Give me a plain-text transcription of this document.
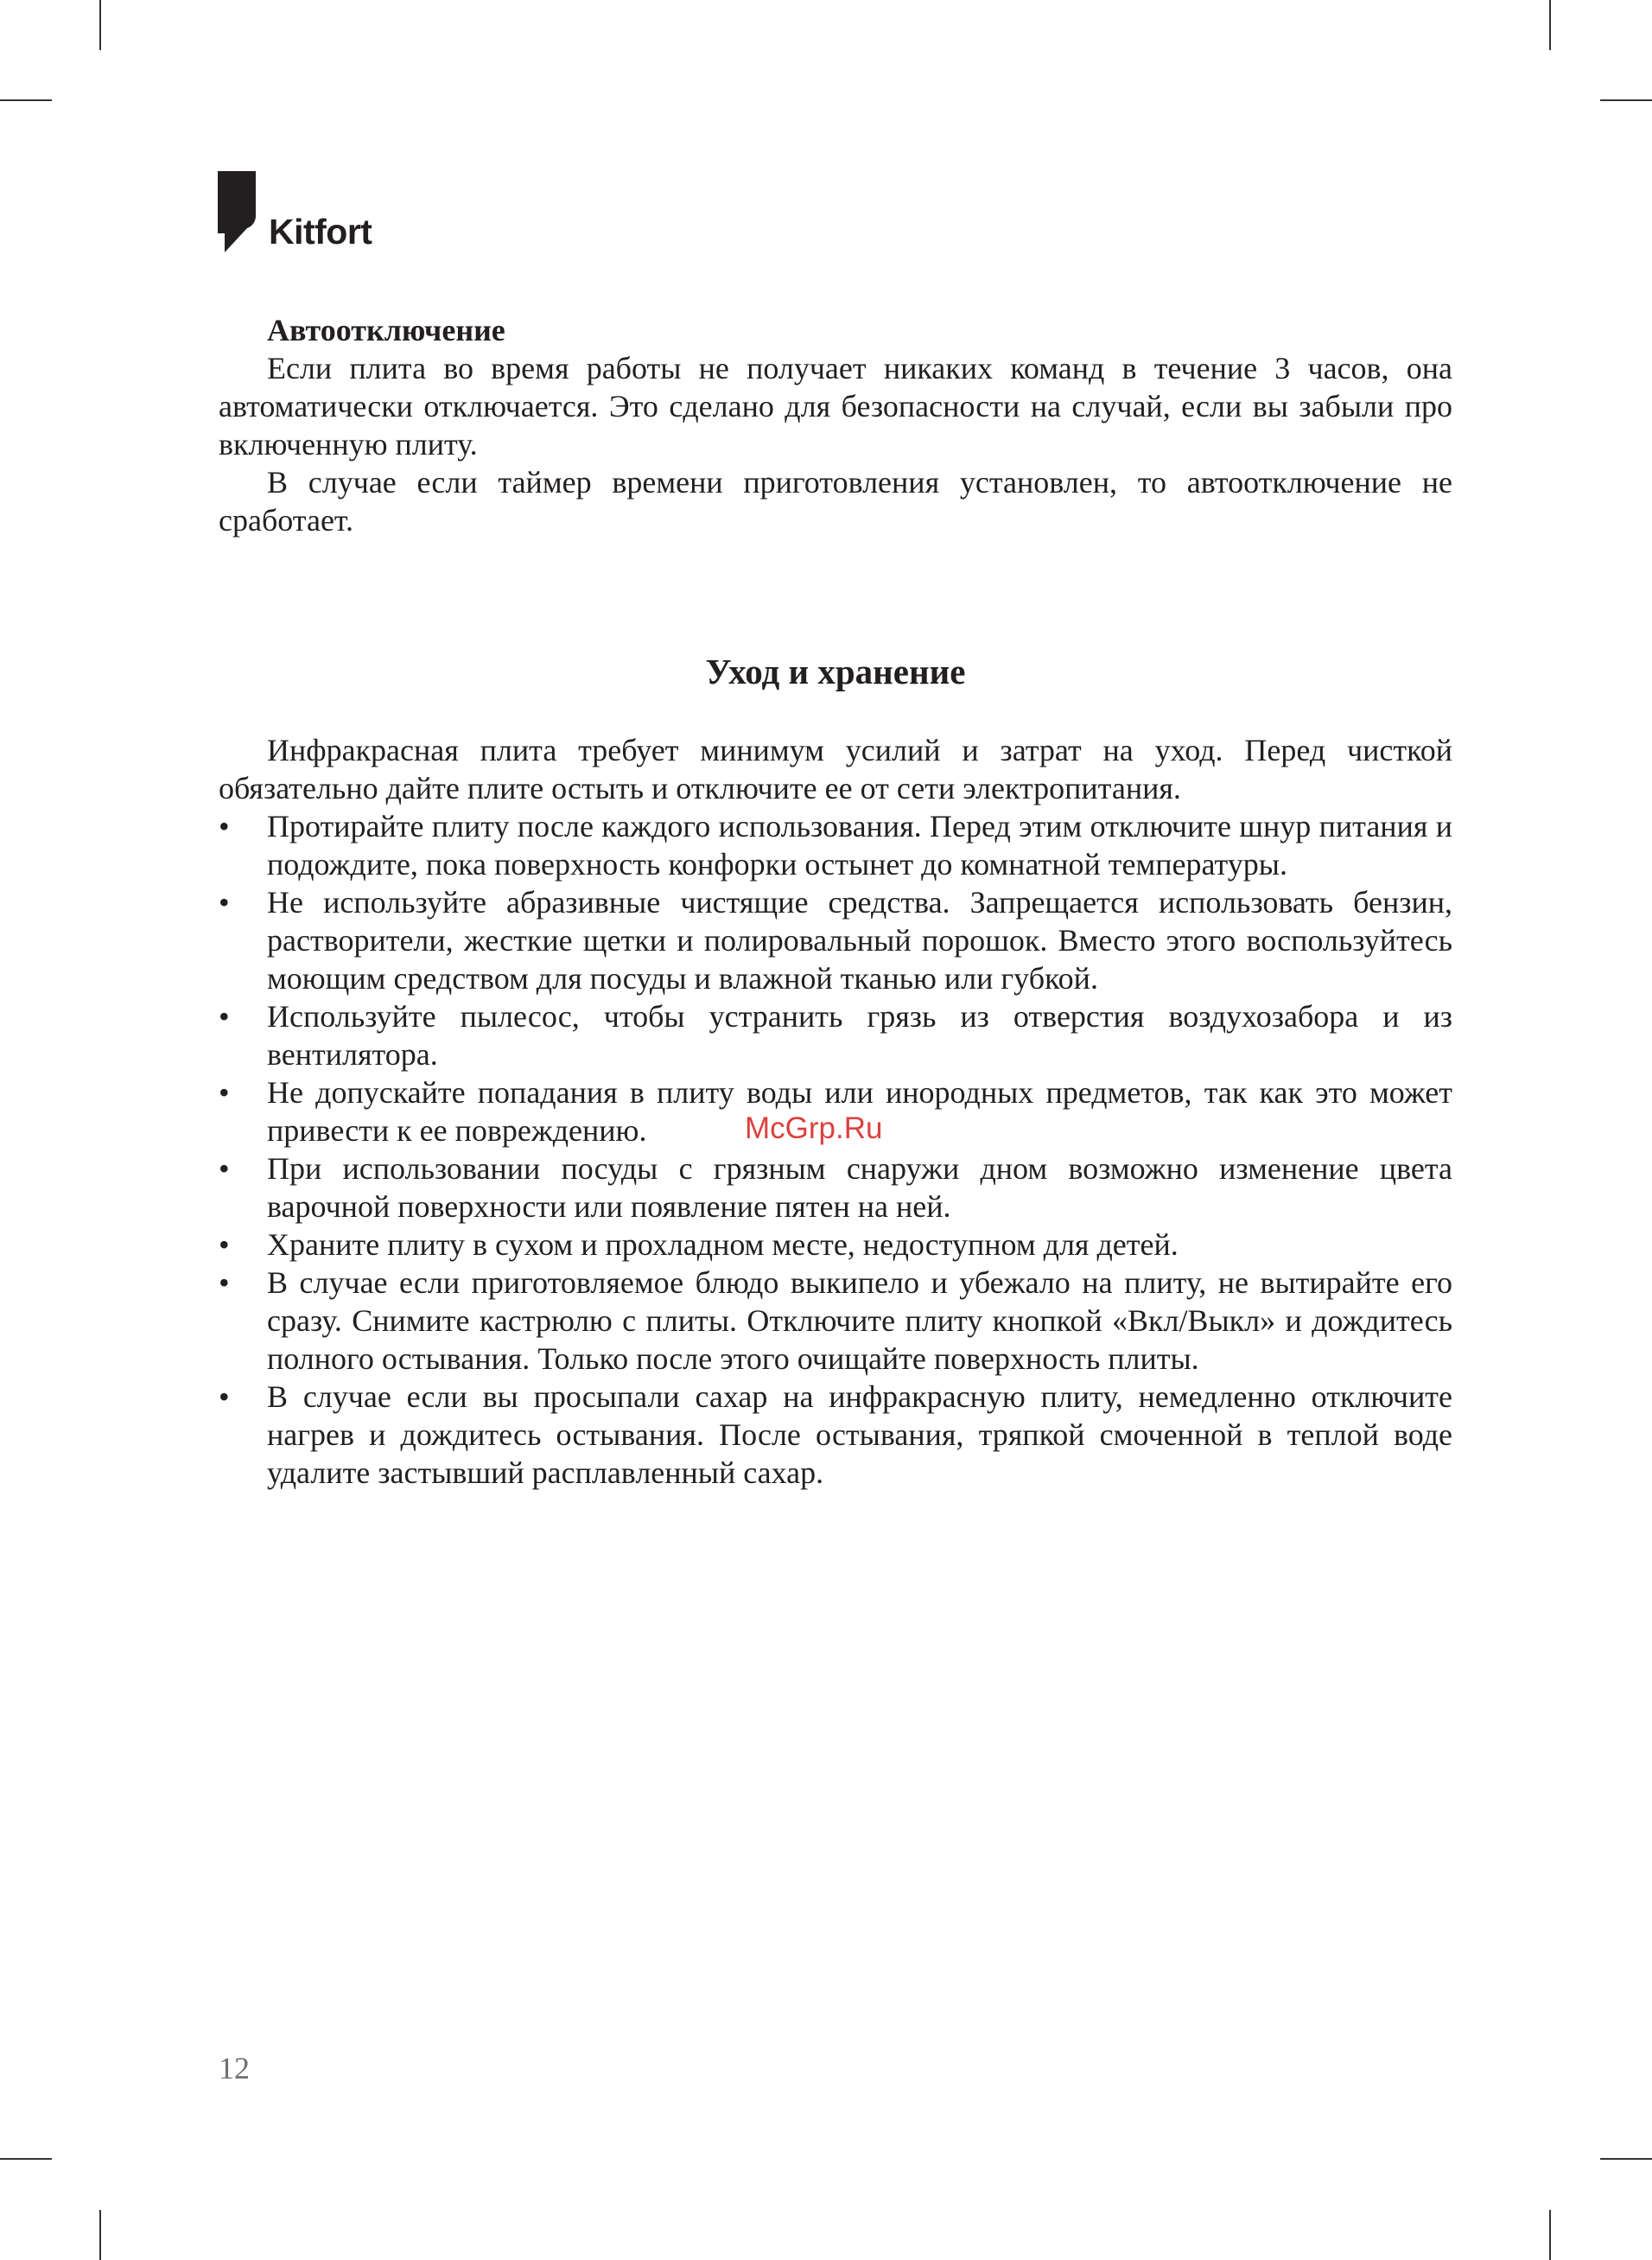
Kitfort

Автоотключение

Если плита во время работы не получает никаких команд в течение 3 часов, она автоматически отключается. Это сделано для безопасности на случай, если вы забыли про включенную плиту.

В случае если таймер времени приготовления установлен, то автоотключение не сработает.

Уход и хранение

Инфракрасная плита требует минимум усилий и затрат на уход. Перед чисткой обязательно дайте плите остыть и отключите ее от сети электропитания.

•	Протирайте плиту после каждого использования. Перед этим отключите шнур питания и подождите, пока поверхность конфорки остынет до комнатной температуры.
•	Не используйте абразивные чистящие средства. Запрещается использовать бензин, растворители, жесткие щетки и полировальный порошок. Вместо этого воспользуйтесь моющим средством для посуды и влажной тканью или губкой.
•	Используйте пылесос, чтобы устранить грязь из отверстия воздухозабора и из вентилятора.
•	Не допускайте попадания в плиту воды или инородных предметов, так как это может привести к ее повреждению.
•	При использовании посуды с грязным снаружи дном возможно изменение цвета варочной поверхности или появление пятен на ней.
•	Храните плиту в сухом и прохладном месте, недоступном для детей.
•	В случае если приготовляемое блюдо выкипело и убежало на плиту, не вытирайте его сразу. Снимите кастрюлю с плиты. Отключите плиту кнопкой «Вкл/Выкл» и дождитесь полного остывания. Только после этого очищайте поверхность плиты.
•	В случае если вы просыпали сахар на инфракрасную плиту, немедленно отключите нагрев и дождитесь остывания. После остывания, тряпкой смоченной в теплой воде удалите застывший расплавленный сахар.
McGrp.Ru
12
